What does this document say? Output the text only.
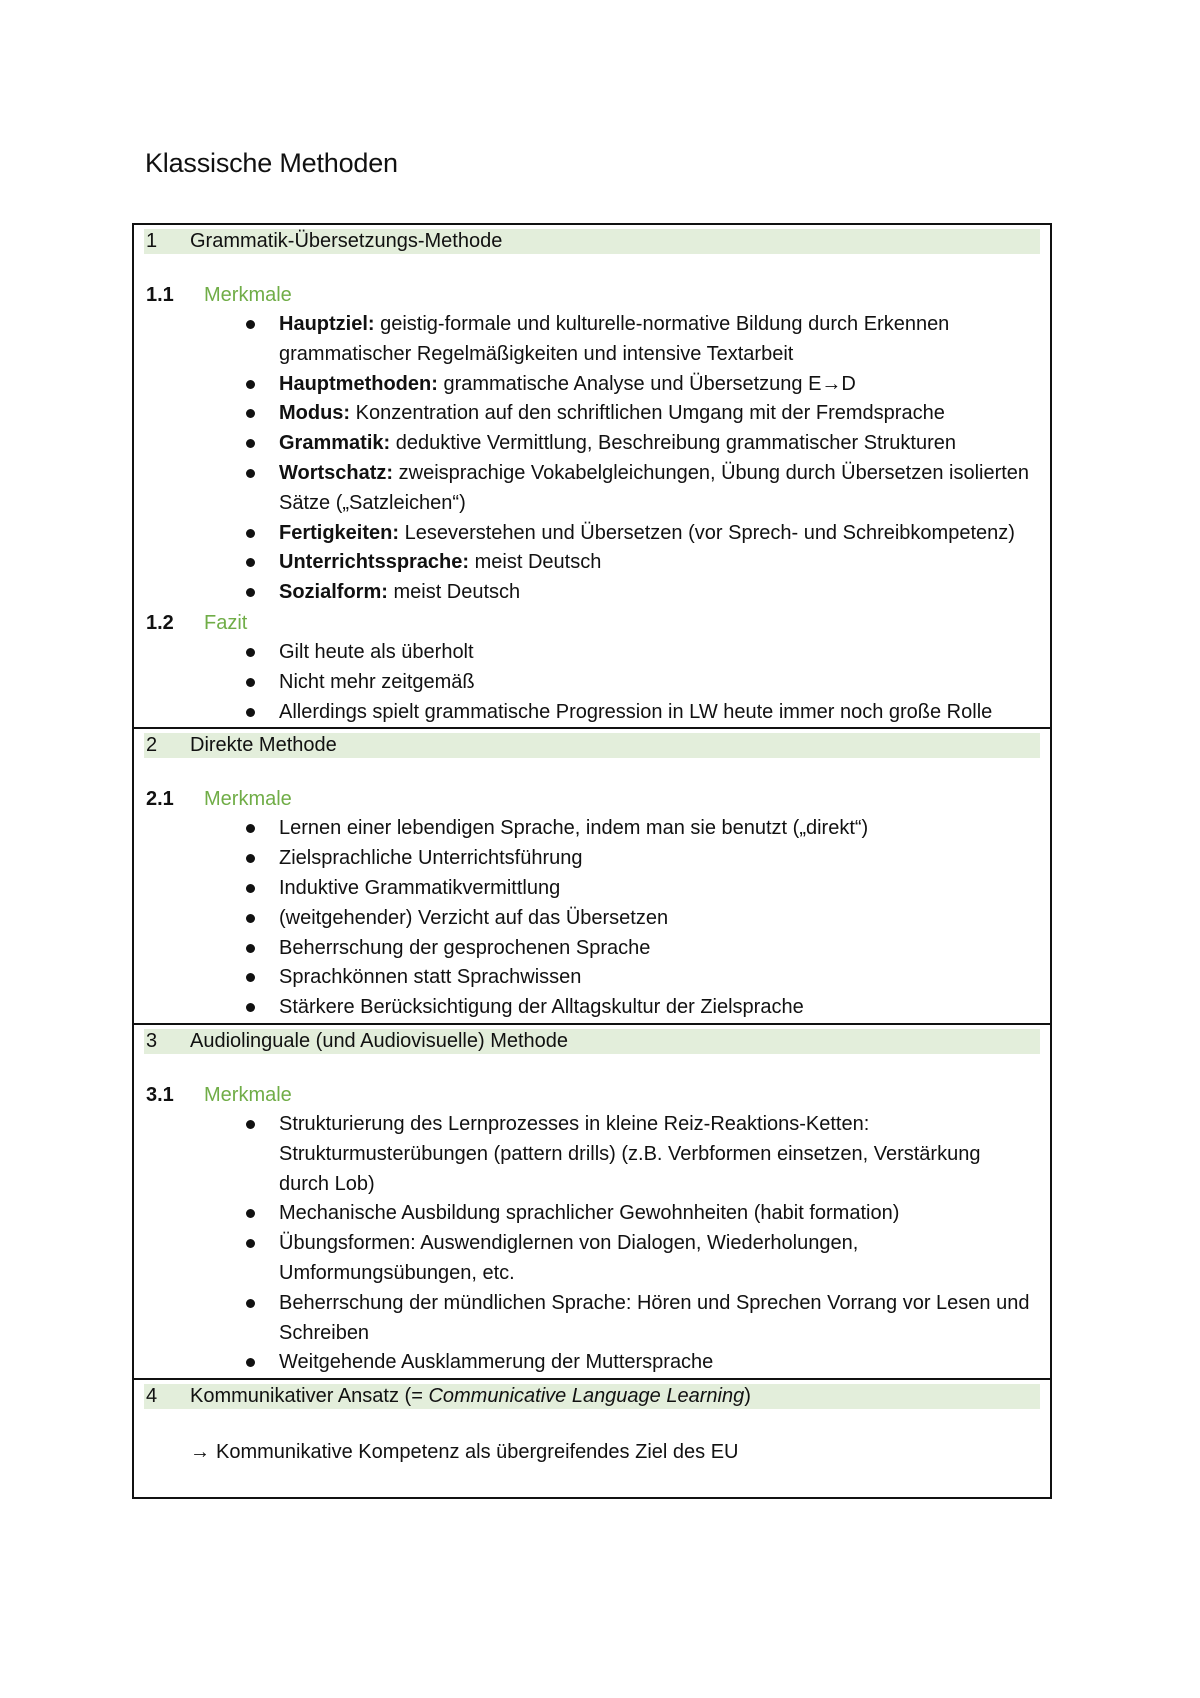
Klassische Methoden
1 Grammatik-Übersetzungs-Methode
1.1 Merkmale
Hauptziel: geistig-formale und kulturelle-normative Bildung durch Erkennen grammatischer Regelmäßigkeiten und intensive Textarbeit
Hauptmethoden: grammatische Analyse und Übersetzung E→D
Modus: Konzentration auf den schriftlichen Umgang mit der Fremdsprache
Grammatik: deduktive Vermittlung, Beschreibung grammatischer Strukturen
Wortschatz: zweisprachige Vokabelgleichungen, Übung durch Übersetzen isolierten Sätze („Satzleichen“)
Fertigkeiten: Leseverstehen und Übersetzen (vor Sprech- und Schreibkompetenz)
Unterrichtssprache: meist Deutsch
Sozialform: meist Deutsch
1.2 Fazit
Gilt heute als überholt
Nicht mehr zeitgemäß
Allerdings spielt grammatische Progression in LW heute immer noch große Rolle
2 Direkte Methode
2.1 Merkmale
Lernen einer lebendigen Sprache, indem man sie benutzt („direkt“)
Zielsprachliche Unterrichtsführung
Induktive Grammatikvermittlung
(weitgehender) Verzicht auf das Übersetzen
Beherrschung der gesprochenen Sprache
Sprachkönnen statt Sprachwissen
Stärkere Berücksichtigung der Alltagskultur der Zielsprache
3 Audiolinguale (und Audiovisuelle) Methode
3.1 Merkmale
Strukturierung des Lernprozesses in kleine Reiz-Reaktions-Ketten: Strukturmusterübungen (pattern drills) (z.B. Verbformen einsetzen, Verstärkung durch Lob)
Mechanische Ausbildung sprachlicher Gewohnheiten (habit formation)
Übungsformen: Auswendiglernen von Dialogen, Wiederholungen, Umformungsübungen, etc.
Beherrschung der mündlichen Sprache: Hören und Sprechen Vorrang vor Lesen und Schreiben
Weitgehende Ausklammerung der Muttersprache
4 Kommunikativer Ansatz (= Communicative Language Learning)
→ Kommunikative Kompetenz als übergreifendes Ziel des EU
